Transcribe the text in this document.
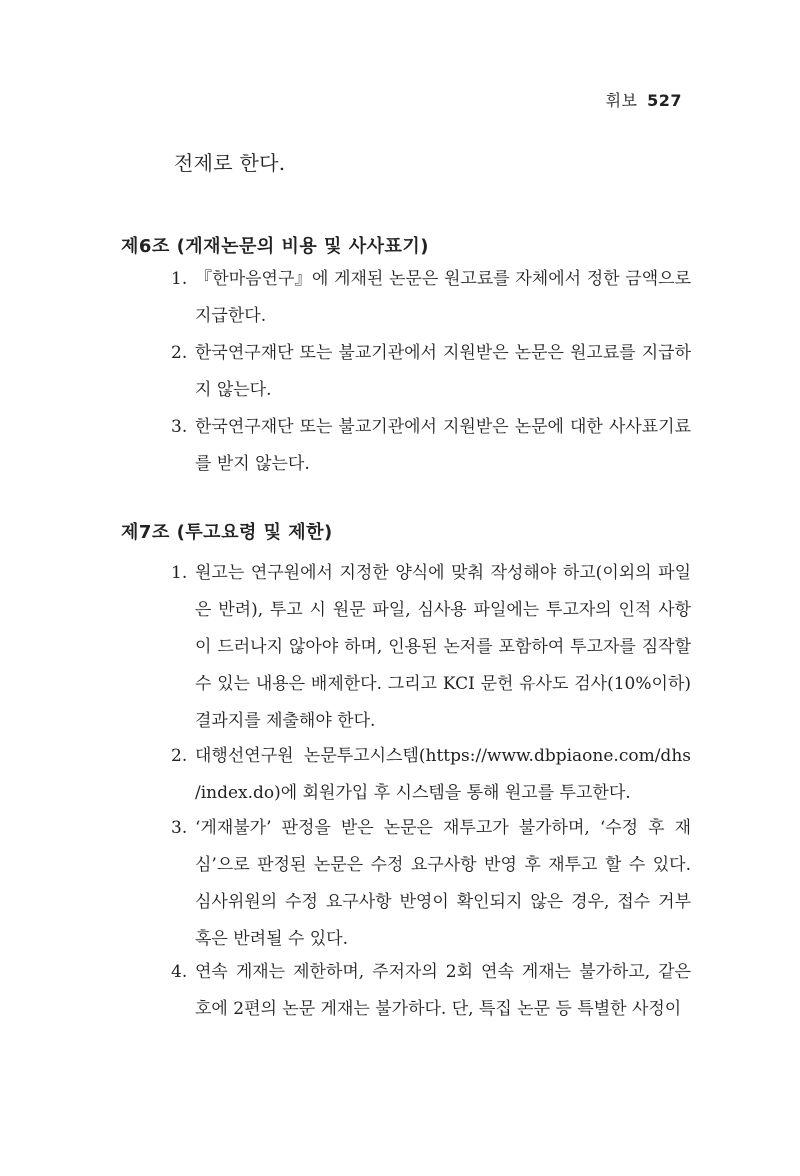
휘보 527
전제로 한다.
제6조 (게재논문의 비용 및 사사표기)
1. 『한마음연구』에 게재된 논문은 원고료를 자체에서 정한 금액으로 지급한다.
2. 한국연구재단 또는 불교기관에서 지원받은 논문은 원고료를 지급하지 않는다.
3. 한국연구재단 또는 불교기관에서 지원받은 논문에 대한 사사표기료를 받지 않는다.
제7조 (투고요령 및 제한)
1. 원고는 연구원에서 지정한 양식에 맞춰 작성해야 하고(이외의 파일은 반려), 투고 시 원문 파일, 심사용 파일에는 투고자의 인적 사항이 드러나지 않아야 하며, 인용된 논저를 포함하여 투고자를 짐작할 수 있는 내용은 배제한다. 그리고 KCI 문헌 유사도 검사(10%이하) 결과지를 제출해야 한다.
2. 대행선연구원 논문투고시스템(https://www.dbpiaone.com/dhs /index.do)에 회원가입 후 시스템을 통해 원고를 투고한다.
3. ‘게재불가’ 판정을 받은 논문은 재투고가 불가하며, ‘수정 후 재심’으로 판정된 논문은 수정 요구사항 반영 후 재투고 할 수 있다. 심사위원의 수정 요구사항 반영이 확인되지 않은 경우, 접수 거부 혹은 반려될 수 있다.
4. 연속 게재는 제한하며, 주저자의 2회 연속 게재는 불가하고, 같은 호에 2편의 논문 게재는 불가하다. 단, 특집 논문 등 특별한 사정이
